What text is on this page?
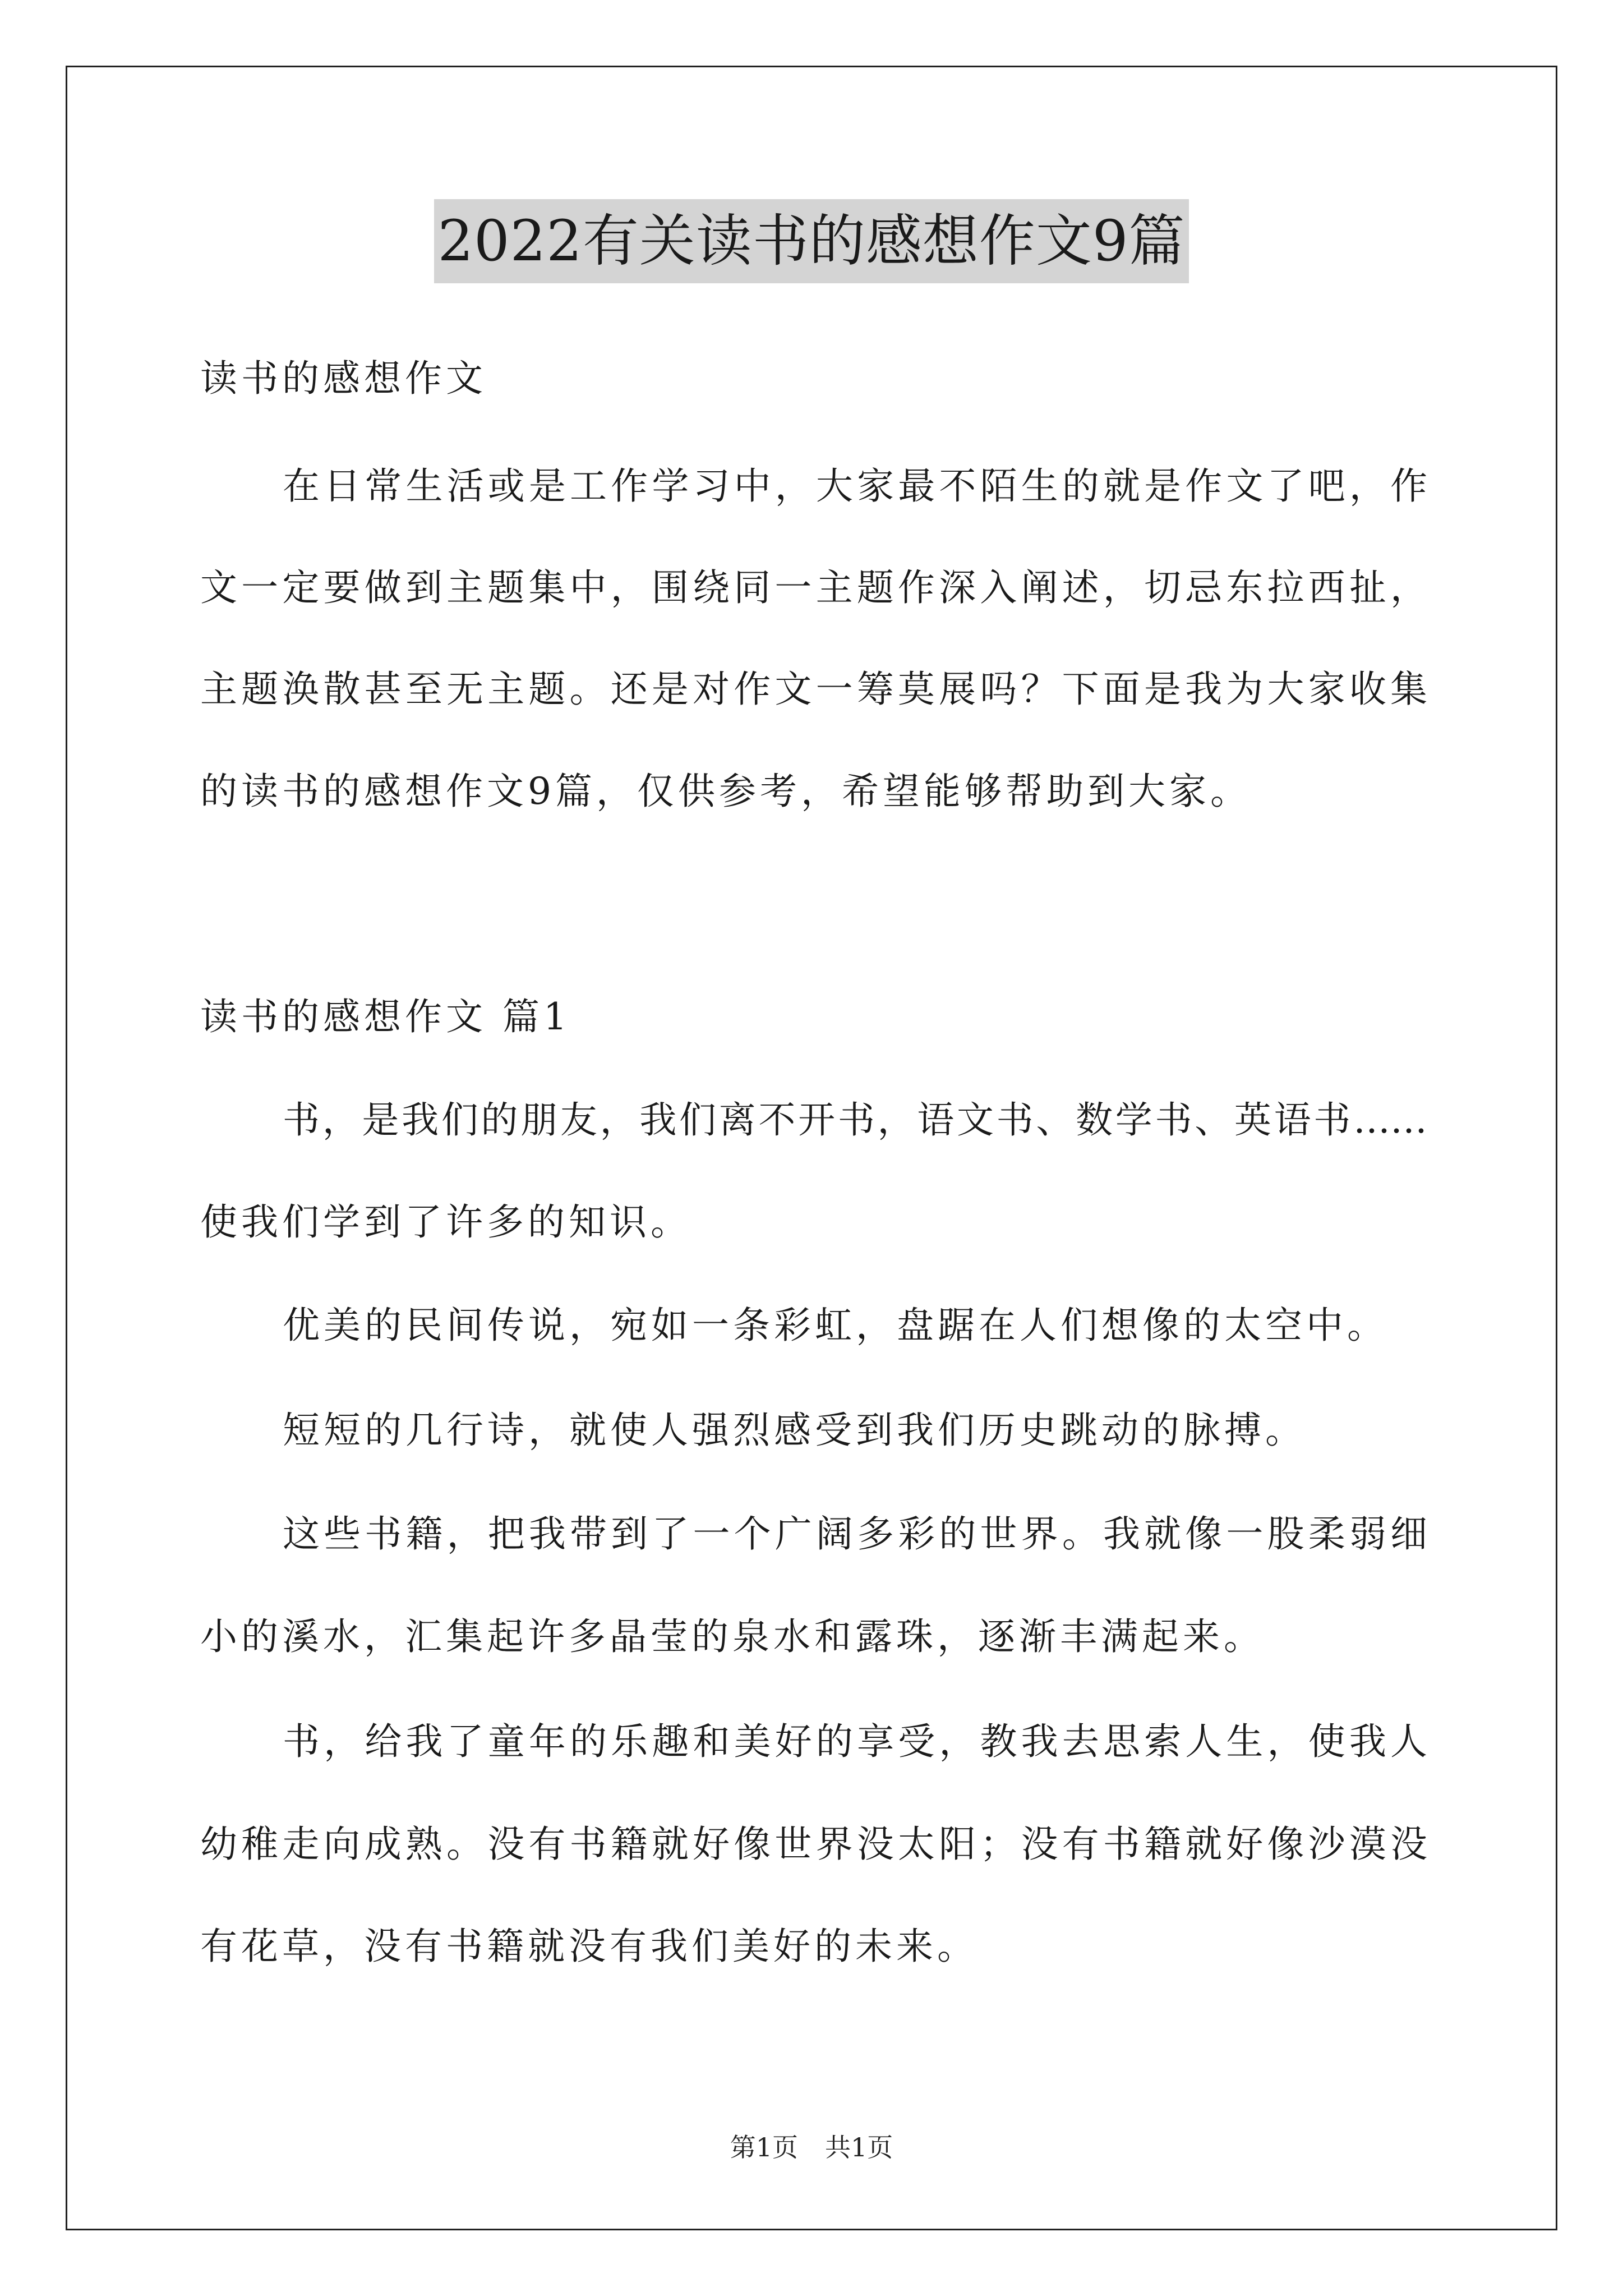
2022有关读书的感想作文9篇
读书的感想作文
在日常生活或是工作学习中，大家最不陌生的就是作文了吧，作
文一定要做到主题集中，围绕同一主题作深入阐述，切忌东拉西扯，
主题涣散甚至无主题。还是对作文一筹莫展吗？下面是我为大家收集
的读书的感想作文9篇，仅供参考，希望能够帮助到大家。
读书的感想作文 篇1
书，是我们的朋友，我们离不开书，语文书、数学书、英语书……
使我们学到了许多的知识。
优美的民间传说，宛如一条彩虹，盘踞在人们想像的太空中。
短短的几行诗，就使人强烈感受到我们历史跳动的脉搏。
这些书籍，把我带到了一个广阔多彩的世界。我就像一股柔弱细
小的溪水，汇集起许多晶莹的泉水和露珠，逐渐丰满起来。
书，给我了童年的乐趣和美好的享受，教我去思索人生，使我人
幼稚走向成熟。没有书籍就好像世界没太阳；没有书籍就好像沙漠没
有花草，没有书籍就没有我们美好的未来。
第1页 共1页
